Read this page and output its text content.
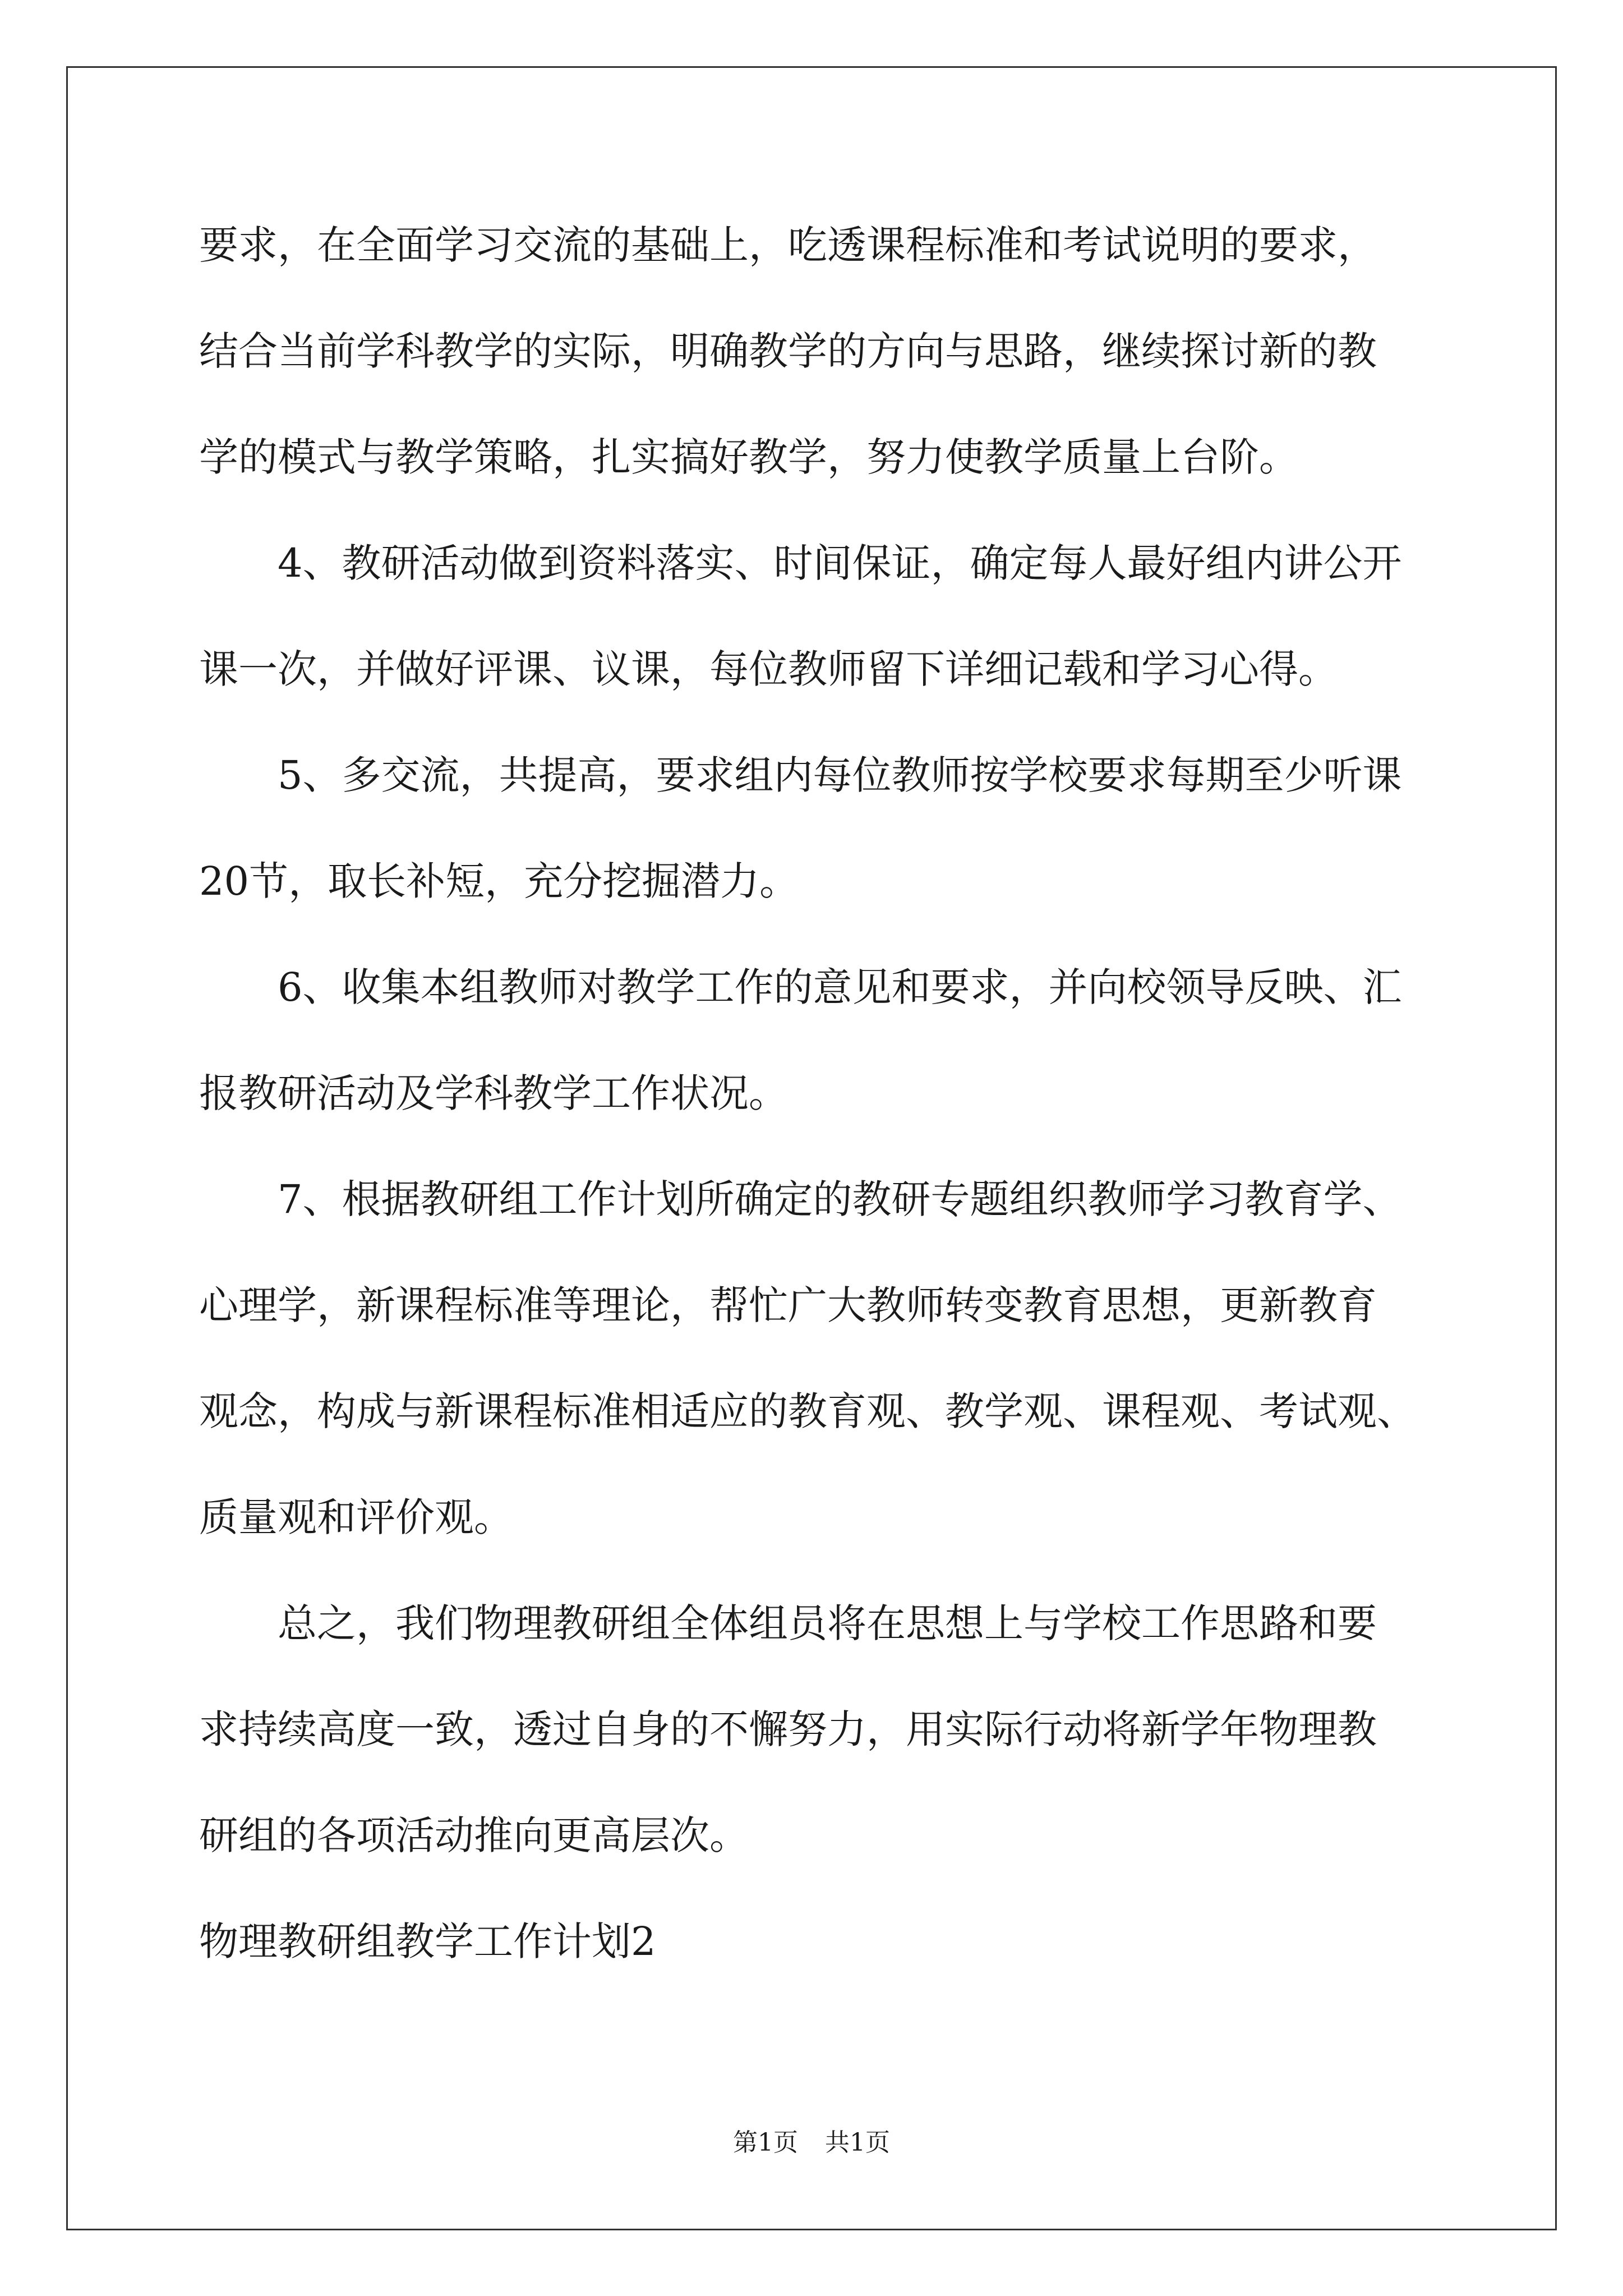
要求，在全面学习交流的基础上，吃透课程标准和考试说明的要求，
结合当前学科教学的实际，明确教学的方向与思路，继续探讨新的教
学的模式与教学策略，扎实搞好教学，努力使教学质量上台阶。
4、教研活动做到资料落实、时间保证，确定每人最好组内讲公开
课一次，并做好评课、议课，每位教师留下详细记载和学习心得。
5、多交流，共提高，要求组内每位教师按学校要求每期至少听课
20节，取长补短，充分挖掘潜力。
6、收集本组教师对教学工作的意见和要求，并向校领导反映、汇
报教研活动及学科教学工作状况。
7、根据教研组工作计划所确定的教研专题组织教师学习教育学、
心理学，新课程标准等理论，帮忙广大教师转变教育思想，更新教育
观念，构成与新课程标准相适应的教育观、教学观、课程观、考试观、
质量观和评价观。
总之，我们物理教研组全体组员将在思想上与学校工作思路和要
求持续高度一致，透过自身的不懈努力，用实际行动将新学年物理教
研组的各项活动推向更高层次。
物理教研组教学工作计划2
第1页 共1页
